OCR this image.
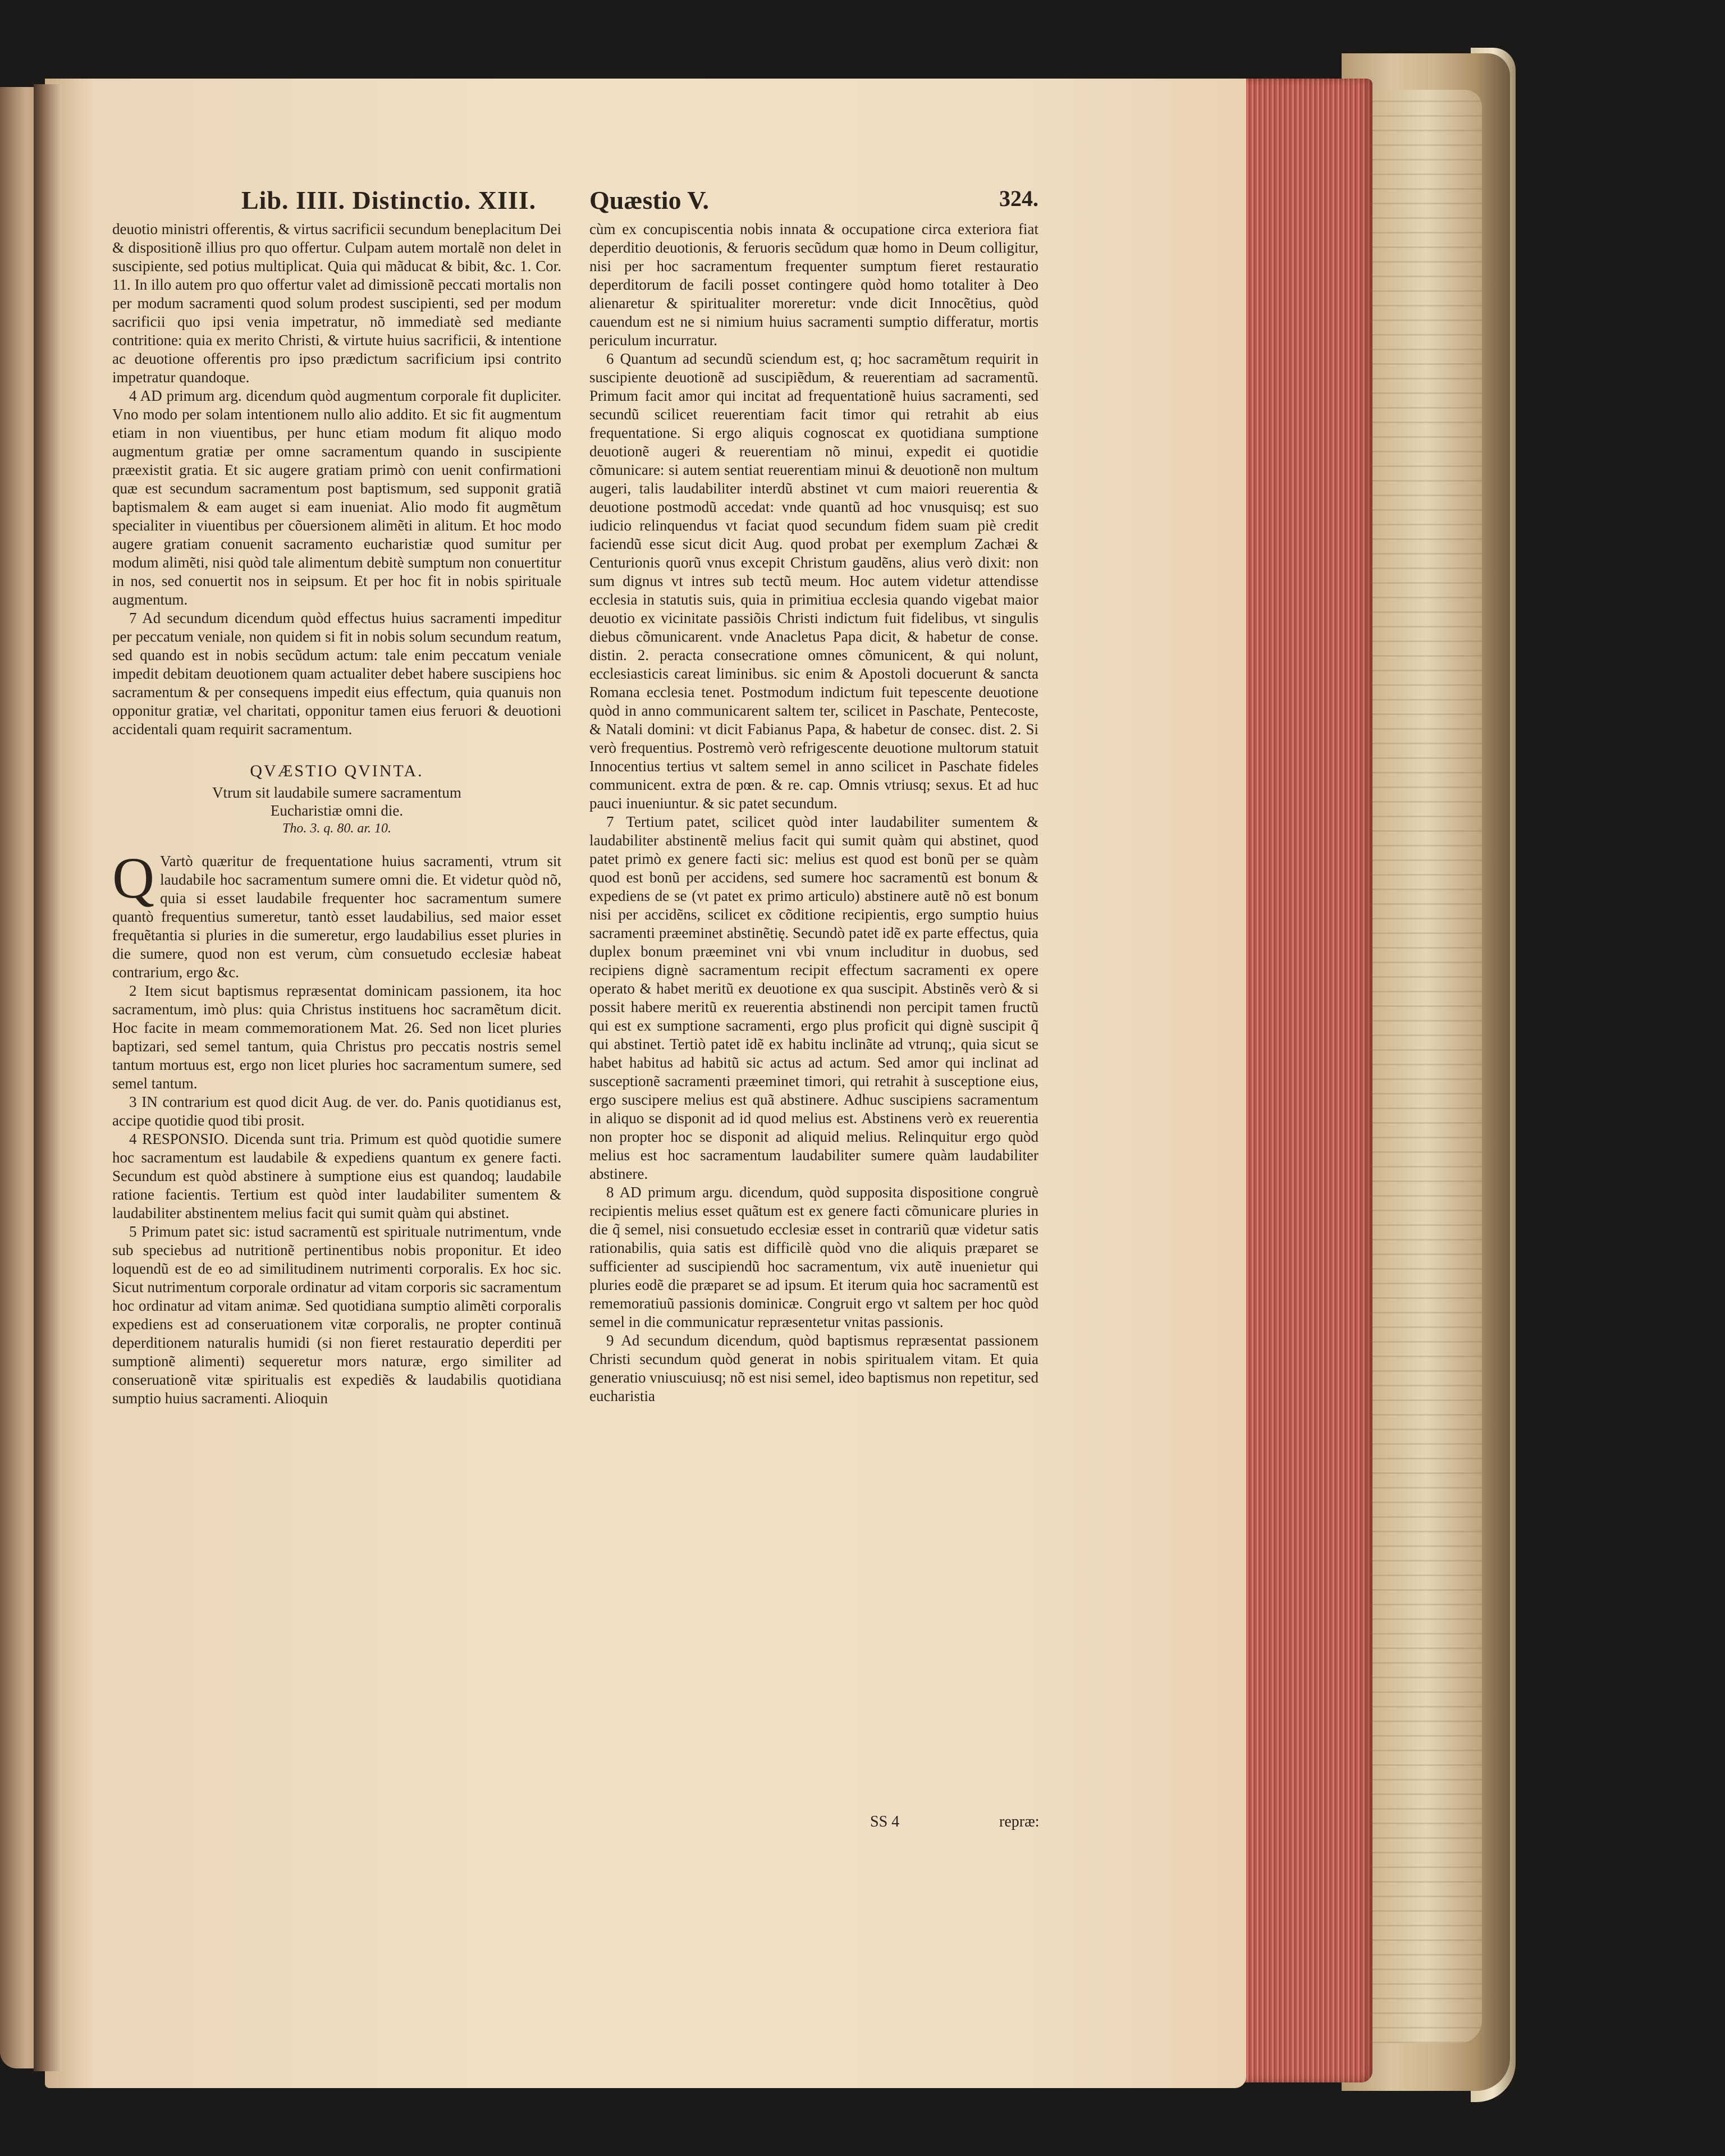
Lib. IIII. Distinctio. XIII. Quæstio V.	324.

deuotio ministri offerentis, & virtus sacrificii secundum beneplacitum Dei & dispositionẽ illius pro quo offertur. Culpam autem mortalẽ non delet in suscipiente, sed potius multiplicat. Quia qui mãducat & bibit, &c. 1. Cor. 11. In illo autem pro quo offertur valet ad dimissionẽ peccati mortalis non per modum sacramenti quod solum prodest suscipienti, sed per modum sacrificii quo ipsi venia impetratur, nõ immediatè sed mediante contritione: quia ex merito Christi, & virtute huius sacrificii, & intentione ac deuotione offerentis pro ipso prædictum sacrificium ipsi contrito impetratur quandoque.

4 AD primum arg. dicendum quòd augmentum corporale fit dupliciter. Vno modo per solam intentionem nullo alio addito. Et sic fit augmentum etiam in non viuentibus, per hunc etiam modum fit aliquo modo augmentum gratiæ per omne sacramentum quando in suscipiente præexistit gratia. Et sic augere gratiam primò con uenit confirmationi quæ est secundum sacramentum post baptismum, sed supponit gratiã baptismalem & eam auget si eam inueniat. Alio modo fit augmẽtum specialiter in viuentibus per cõuersionem alimẽti in alitum. Et hoc modo augere gratiam conuenit sacramento eucharistiæ quod sumitur per modum alimẽti, nisi quòd tale alimentum debitè sumptum non conuertitur in nos, sed conuertit nos in seipsum. Et per hoc fit in nobis spirituale augmentum.

7 Ad secundum dicendum quòd effectus huius sacramenti impeditur per peccatum veniale, non quidem si fit in nobis solum secundum reatum, sed quando est in nobis secũdum actum: tale enim peccatum veniale impedit debitam deuotionem quam actualiter debet habere suscipiens hoc sacramentum & per consequens impedit eius effectum, quia quanuis non opponitur gratiæ, vel charitati, opponitur tamen eius feruori & deuotioni accidentali quam requirit sacramentum.

QVÆSTIO QVINTA.
Vtrum sit laudabile sumere sacramentum
Eucharistiæ omni die.
Tho. 3. q. 80. ar. 10.

QVartò quæritur de frequentatione huius sacramenti, vtrum sit laudabile hoc sacramentum sumere omni die. Et videtur quòd nõ, quia si esset laudabile frequenter hoc sacramentum sumere quantò frequentius sumeretur, tantò esset laudabilius, sed maior esset frequẽtantia si pluries in die sumeretur, ergo laudabilius esset pluries in die sumere, quod non est verum, cùm consuetudo ecclesiæ habeat contrarium, ergo &c.

2 Item sicut baptismus repræsentat dominicam passionem, ita hoc sacramentum, imò plus: quia Christus instituens hoc sacramẽtum dicit. Hoc facite in meam commemorationem Mat. 26. Sed non licet pluries baptizari, sed semel tantum, quia Christus pro peccatis nostris semel tantum mortuus est, ergo non licet pluries hoc sacramentum sumere, sed semel tantum.

3 IN contrarium est quod dicit Aug. de ver. do. Panis quotidianus est, accipe quotidie quod tibi prosit.

4 RESPONSIO. Dicenda sunt tria. Primum est quòd quotidie sumere hoc sacramentum est laudabile & expediens quantum ex genere facti. Secundum est quòd abstinere à sumptione eius est quandoq; laudabile ratione facientis. Tertium est quòd inter laudabiliter sumentem & laudabiliter abstinentem melius facit qui sumit quàm qui abstinet.

5 Primum patet sic: istud sacramentũ est spirituale nutrimentum, vnde sub speciebus ad nutritionẽ pertinentibus nobis proponitur. Et ideo loquendũ est de eo ad similitudinem nutrimenti corporalis. Ex hoc sic. Sicut nutrimentum corporale ordinatur ad vitam corporis sic sacramentum hoc ordinatur ad vitam animæ. Sed quotidiana sumptio alimẽti corporalis expediens est ad conseruationem vitæ corporalis, ne propter continuã deperditionem naturalis humidi (si non fieret restauratio deperditi per sumptionẽ alimenti) sequeretur mors naturæ, ergo similiter ad conseruationẽ vitæ spiritualis est expediẽs & laudabilis quotidiana sumptio huius sacramenti. Alioquin

cùm ex concupiscentia nobis innata & occupatione circa exteriora fiat deperditio deuotionis, & feruoris secũdum quæ homo in Deum colligitur, nisi per hoc sacramentum frequenter sumptum fieret restauratio deperditorum de facili posset contingere quòd homo totaliter à Deo alienaretur & spiritualiter moreretur: vnde dicit Innocẽtius, quòd cauendum est ne si nimium huius sacramenti sumptio differatur, mortis periculum incurratur.

6 Quantum ad secundũ sciendum est, q; hoc sacramẽtum requirit in suscipiente deuotionẽ ad suscipiẽdum, & reuerentiam ad sacramentũ. Primum facit amor qui incitat ad frequentationẽ huius sacramenti, sed secundũ scilicet reuerentiam facit timor qui retrahit ab eius frequentatione. Si ergo aliquis cognoscat ex quotidiana sumptione deuotionẽ augeri & reuerentiam nõ minui, expedit ei quotidie cõmunicare: si autem sentiat reuerentiam minui & deuotionẽ non multum augeri, talis laudabiliter interdũ abstinet vt cum maiori reuerentia & deuotione postmodũ accedat: vnde quantũ ad hoc vnusquisq; est suo iudicio relinquendus vt faciat quod secundum fidem suam piè credit faciendũ esse sicut dicit Aug. quod probat per exemplum Zachæi & Centurionis quorũ vnus excepit Christum gaudẽns, alius verò dixit: non sum dignus vt intres sub tectũ meum. Hoc autem videtur attendisse ecclesia in statutis suis, quia in primitiua ecclesia quando vigebat maior deuotio ex vicinitate passiõis Christi indictum fuit fidelibus, vt singulis diebus cõmunicarent. vnde Anacletus Papa dicit, & habetur de conse. distin. 2. peracta consecratione omnes cõmunicent, & qui nolunt, ecclesiasticis careat liminibus. sic enim & Apostoli docuerunt & sancta Romana ecclesia tenet. Postmodum indictum fuit tepescente deuotione quòd in anno communicarent saltem ter, scilicet in Paschate, Pentecoste, & Natali domini: vt dicit Fabianus Papa, & habetur de consec. dist. 2. Si verò frequentius. Postremò verò refrigescente deuotione multorum statuit Innocentius tertius vt saltem semel in anno scilicet in Paschate fideles communicent. extra de pœn. & re. cap. Omnis vtriusq; sexus. Et ad huc pauci inueniuntur. & sic patet secundum.

7 Tertium patet, scilicet quòd inter laudabiliter sumentem & laudabiliter abstinentẽ melius facit qui sumit quàm qui abstinet, quod patet primò ex genere facti sic: melius est quod est bonũ per se quàm quod est bonũ per accidens, sed sumere hoc sacramentũ est bonum & expediens de se (vt patet ex primo articulo) abstinere autẽ nõ est bonum nisi per accidẽns, scilicet ex cõditione recipientis, ergo sumptio huius sacramenti præeminet abstinẽtię. Secundò patet idẽ ex parte effectus, quia duplex bonum præeminet vni vbi vnum includitur in duobus, sed recipiens dignè sacramentum recipit effectum sacramenti ex opere operato & habet meritũ ex deuotione ex qua suscipit. Abstinẽs verò & si possit habere meritũ ex reuerentia abstinendi non percipit tamen fructũ qui est ex sumptione sacramenti, ergo plus proficit qui dignè suscipit q̃ qui abstinet. Tertiò patet idẽ ex habitu inclinãte ad vtrunq;, quia sicut se habet habitus ad habitũ sic actus ad actum. Sed amor qui inclinat ad susceptionẽ sacramenti præeminet timori, qui retrahit à susceptione eius, ergo suscipere melius est quã abstinere. Adhuc suscipiens sacramentum in aliquo se disponit ad id quod melius est. Abstinens verò ex reuerentia non propter hoc se disponit ad aliquid melius. Relinquitur ergo quòd melius est hoc sacramentum laudabiliter sumere quàm laudabiliter abstinere.

8 AD primum argu. dicendum, quòd supposita dispositione congruè recipientis melius esset quãtum est ex genere facti cõmunicare pluries in die q̃ semel, nisi consuetudo ecclesiæ esset in contrariũ quæ videtur satis rationabilis, quia satis est difficilè quòd vno die aliquis præparet se sufficienter ad suscipiendũ hoc sacramentum, vix autẽ inuenietur qui pluries eodẽ die præparet se ad ipsum. Et iterum quia hoc sacramentũ est rememoratiuũ passionis dominicæ. Congruit ergo vt saltem per hoc quòd semel in die communicatur repræsentetur vnitas passionis.

9 Ad secundum dicendum, quòd baptismus repræsentat passionem Christi secundum quòd generat in nobis spiritualem vitam. Et quia generatio vniuscuiusq; nõ est nisi semel, ideo baptismus non repetitur, sed eucharistia

SS 4	repræ:
